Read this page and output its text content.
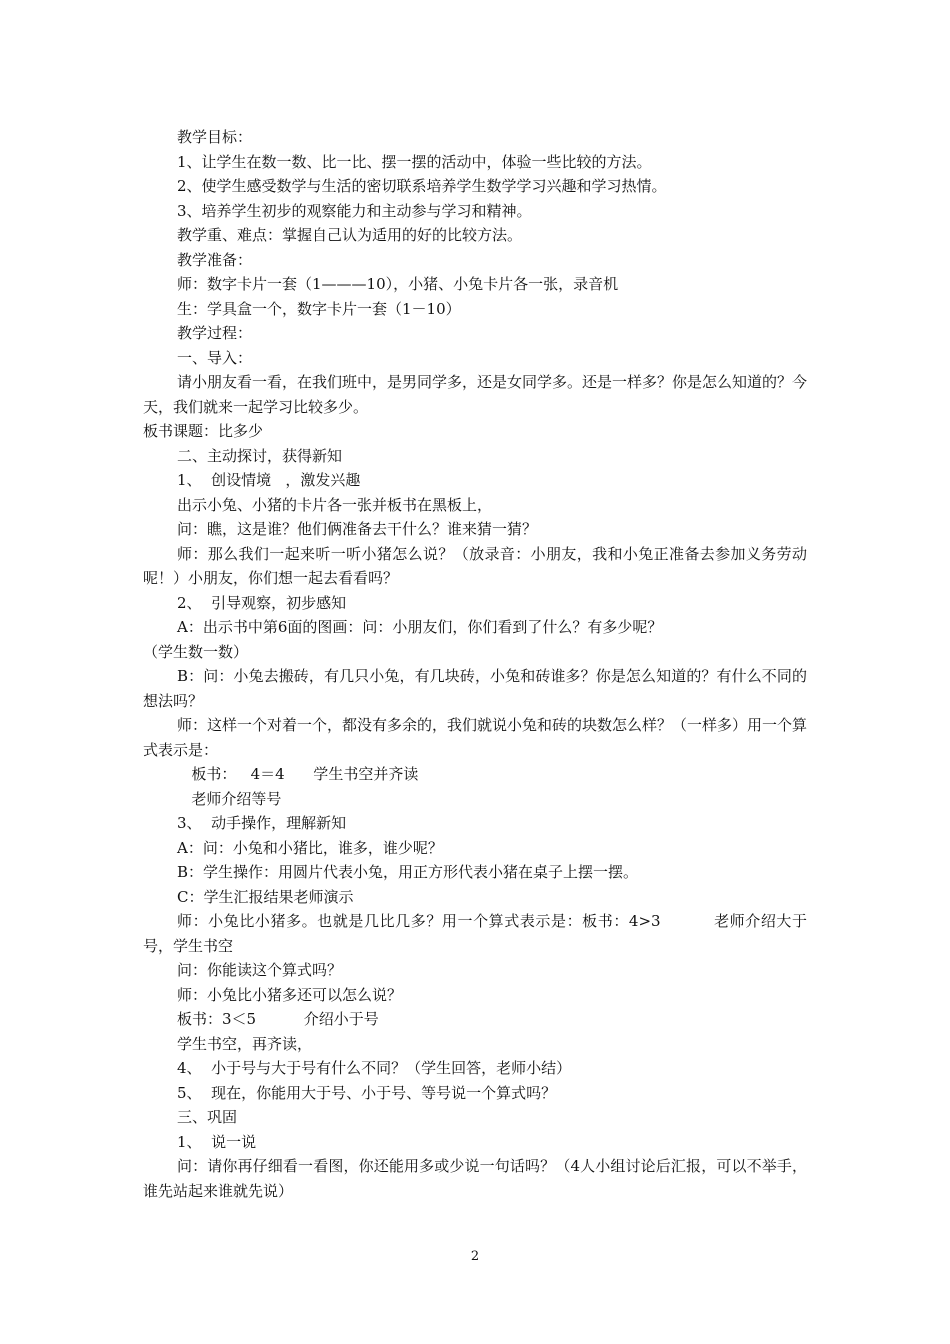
教学目标：

1、让学生在数一数、比一比、摆一摆的活动中，体验一些比较的方法。

2、使学生感受数学与生活的密切联系培养学生数学学习兴趣和学习热情。

3、培养学生初步的观察能力和主动参与学习和精神。

教学重、难点：掌握自己认为适用的好的比较方法。

教学准备：

师：数字卡片一套（1———10），小猪、小兔卡片各一张，录音机

生：学具盒一个，数字卡片一套（1－10）

教学过程：

一、导入：

请小朋友看一看，在我们班中，是男同学多，还是女同学多。还是一样多？你是怎么知道的？今天，我们就来一起学习比较多少。

板书课题：比多少

二、主动探讨，获得新知

1、  创设情境   ，激发兴趣

出示小兔、小猪的卡片各一张并板书在黑板上，

问：瞧，这是谁？他们俩准备去干什么？谁来猜一猜？

师：那么我们一起来听一听小猪怎么说？（放录音：小朋友，我和小兔正准备去参加义务劳动呢！）小朋友，你们想一起去看看吗？

2、  引导观察，初步感知

A：出示书中第6面的图画：问：小朋友们，你们看到了什么？有多少呢？

（学生数一数）

B：问：小兔去搬砖，有几只小兔，有几块砖，小兔和砖谁多？你是怎么知道的？有什么不同的想法吗？

师：这样一个对着一个，都没有多余的，我们就说小兔和砖的块数怎么样？（一样多）用一个算式表示是：

板书：   4＝4      学生书空并齐读

老师介绍等号

3、  动手操作，理解新知

A：问：小兔和小猪比，谁多，谁少呢？

B：学生操作：用圆片代表小兔，用正方形代表小猪在桌子上摆一摆。

C：学生汇报结果老师演示

师：小兔比小猪多。也就是几比几多？用一个算式表示是：板书：4>3          老师介绍大于号，学生书空

问：你能读这个算式吗？

师：小兔比小猪多还可以怎么说？

板书：3＜5          介绍小于号

学生书空，再齐读，

4、  小于号与大于号有什么不同？（学生回答，老师小结）

5、  现在，你能用大于号、小于号、等号说一个算式吗？

三、巩固

1、  说一说

问：请你再仔细看一看图，你还能用多或少说一句话吗？（4人小组讨论后汇报，可以不举手，谁先站起来谁就先说）

2
